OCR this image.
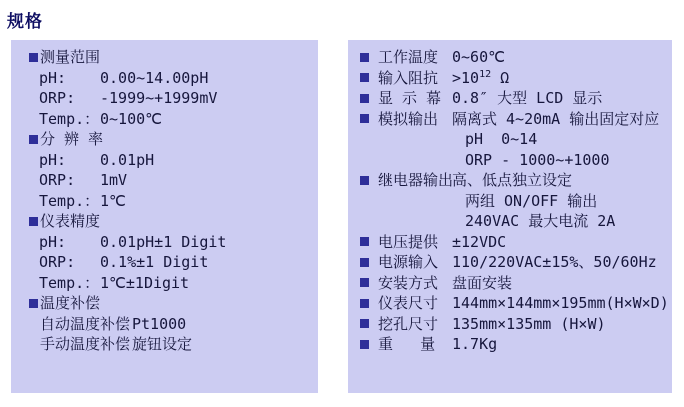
规格
测量范围
pH: 0.00~14.00pH
ORP: -1999~+1999mV
Temp.： 0~100℃
分 辨 率
pH: 0.01pH
ORP: 1mV
Temp.： 1℃
仪表精度
pH: 0.01pH±1 Digit
ORP: 0.1%±1 Digit
Temp.： 1℃±1Digit
温度补偿
自动温度补偿 Pt1000
手动温度补偿 旋钮设定
工作温度 0~60℃
输入阻抗 $>10^{12}$ Ω
显 示 幕 0.8″ 大型 LCD 显示
模拟输出 隔离式 4~20mA 输出固定对应
pH  0~14
ORP - 1000~+1000
继电器输出
高、低点独立设定
两组 ON/OFF 输出
240VAC 最大电流 2A
电压提供 ±12VDC
电源输入 110/220VAC±15%、50/60Hz
安装方式 盘面安装
仪表尺寸 144mm×144mm×195mm(H×W×D)
挖孔尺寸 135mm×135mm (H×W)
重   量 1.7Kg
